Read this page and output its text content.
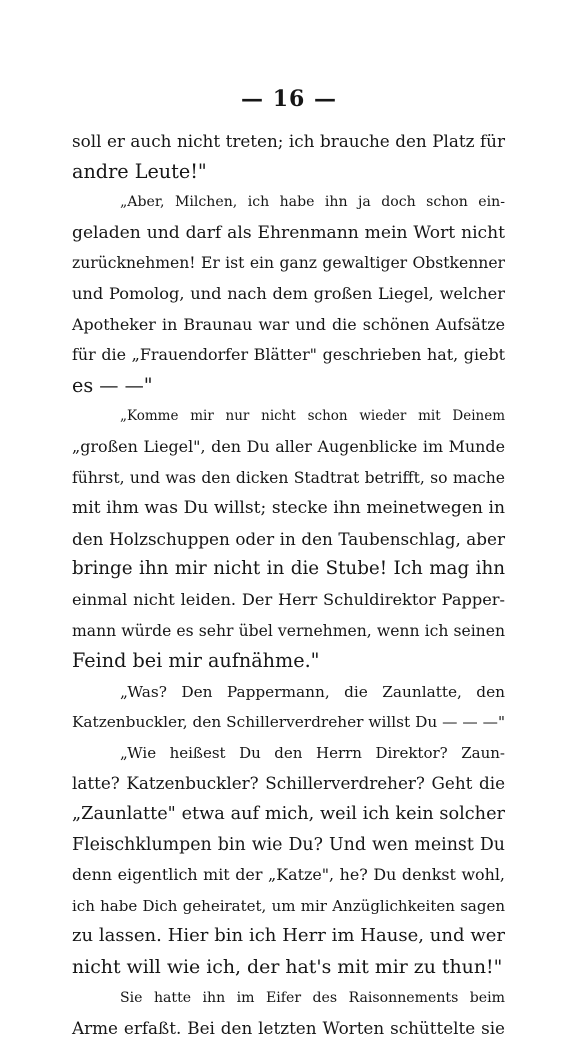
— 16 —
soll er auch nicht treten; ich brauche den Platz für
andre Leute!"
„Aber, Milchen, ich habe ihn ja doch schon ein-
geladen und darf als Ehrenmann mein Wort nicht
zurücknehmen! Er ist ein ganz gewaltiger Obstkenner
und Pomolog, und nach dem großen Liegel, welcher
Apotheker in Braunau war und die schönen Aufsätze
für die „Frauendorfer Blätter" geschrieben hat, giebt
es — —"
„Komme mir nur nicht schon wieder mit Deinem
„großen Liegel", den Du aller Augenblicke im Munde
führst, und was den dicken Stadtrat betrifft, so mache
mit ihm was Du willst; stecke ihn meinetwegen in
den Holzschuppen oder in den Taubenschlag, aber
bringe ihn mir nicht in die Stube! Ich mag ihn
einmal nicht leiden. Der Herr Schuldirektor Papper-
mann würde es sehr übel vernehmen, wenn ich seinen
Feind bei mir aufnähme."
„Was? Den Pappermann, die Zaunlatte, den
Katzenbuckler, den Schillerverdreher willst Du — — —"
„Wie heißest Du den Herrn Direktor? Zaun-
latte? Katzenbuckler? Schillerverdreher? Geht die
„Zaunlatte" etwa auf mich, weil ich kein solcher
Fleischklumpen bin wie Du? Und wen meinst Du
denn eigentlich mit der „Katze", he? Du denkst wohl,
ich habe Dich geheiratet, um mir Anzüglichkeiten sagen
zu lassen. Hier bin ich Herr im Hause, und wer
nicht will wie ich, der hat's mit mir zu thun!"
Sie hatte ihn im Eifer des Raisonnements beim
Arme erfaßt. Bei den letzten Worten schüttelte sie
